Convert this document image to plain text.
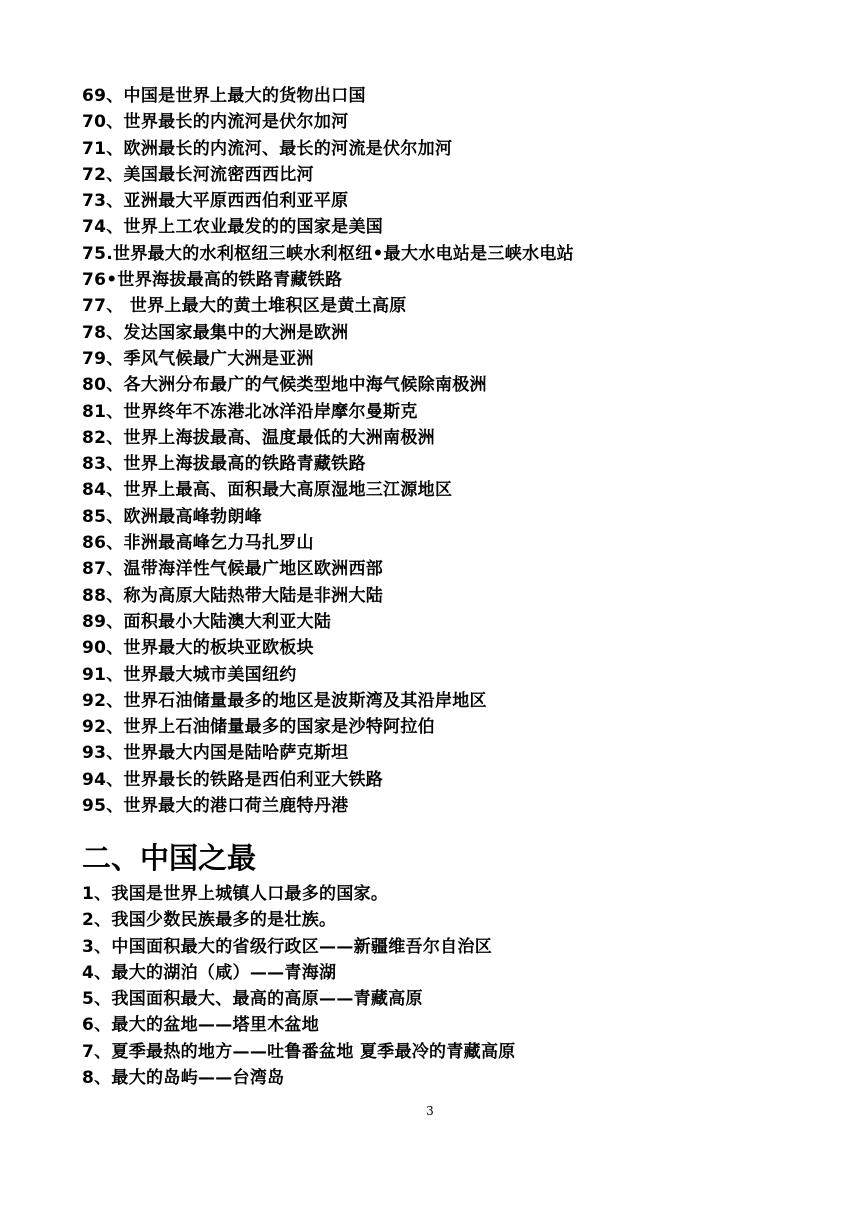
69、中国是世界上最大的货物出口国
70、世界最长的内流河是伏尔加河
71、欧洲最长的内流河、最长的河流是伏尔加河
72、美国最长河流密西西比河
73、亚洲最大平原西西伯利亚平原
74、世界上工农业最发的的国家是美国
75.世界最大的水利枢纽三峡水利枢纽•最大水电站是三峡水电站
76•世界海拔最高的铁路青藏铁路
77、 世界上最大的黄土堆积区是黄土高原
78、发达国家最集中的大洲是欧洲
79、季风气候最广大洲是亚洲
80、各大洲分布最广的气候类型地中海气候除南极洲
81、世界终年不冻港北冰洋沿岸摩尔曼斯克
82、世界上海拔最高、温度最低的大洲南极洲
83、世界上海拔最高的铁路青藏铁路
84、世界上最高、面积最大高原湿地三江源地区
85、欧洲最高峰勃朗峰
86、非洲最高峰乞力马扎罗山
87、温带海洋性气候最广地区欧洲西部
88、称为高原大陆热带大陆是非洲大陆
89、面积最小大陆澳大利亚大陆
90、世界最大的板块亚欧板块
91、世界最大城市美国纽约
92、世界石油储量最多的地区是波斯湾及其沿岸地区
92、世界上石油储量最多的国家是沙特阿拉伯
93、世界最大内国是陆哈萨克斯坦
94、世界最长的铁路是西伯利亚大铁路
95、世界最大的港口荷兰鹿特丹港
二、中国之最
1、我国是世界上城镇人口最多的国家。
2、我国少数民族最多的是壮族。
3、中国面积最大的省级行政区——新疆维吾尔自治区
4、最大的湖泊（咸）——青海湖
5、我国面积最大、最高的高原——青藏高原
6、最大的盆地——塔里木盆地
7、夏季最热的地方——吐鲁番盆地 夏季最冷的青藏高原
8、最大的岛屿——台湾岛
3
